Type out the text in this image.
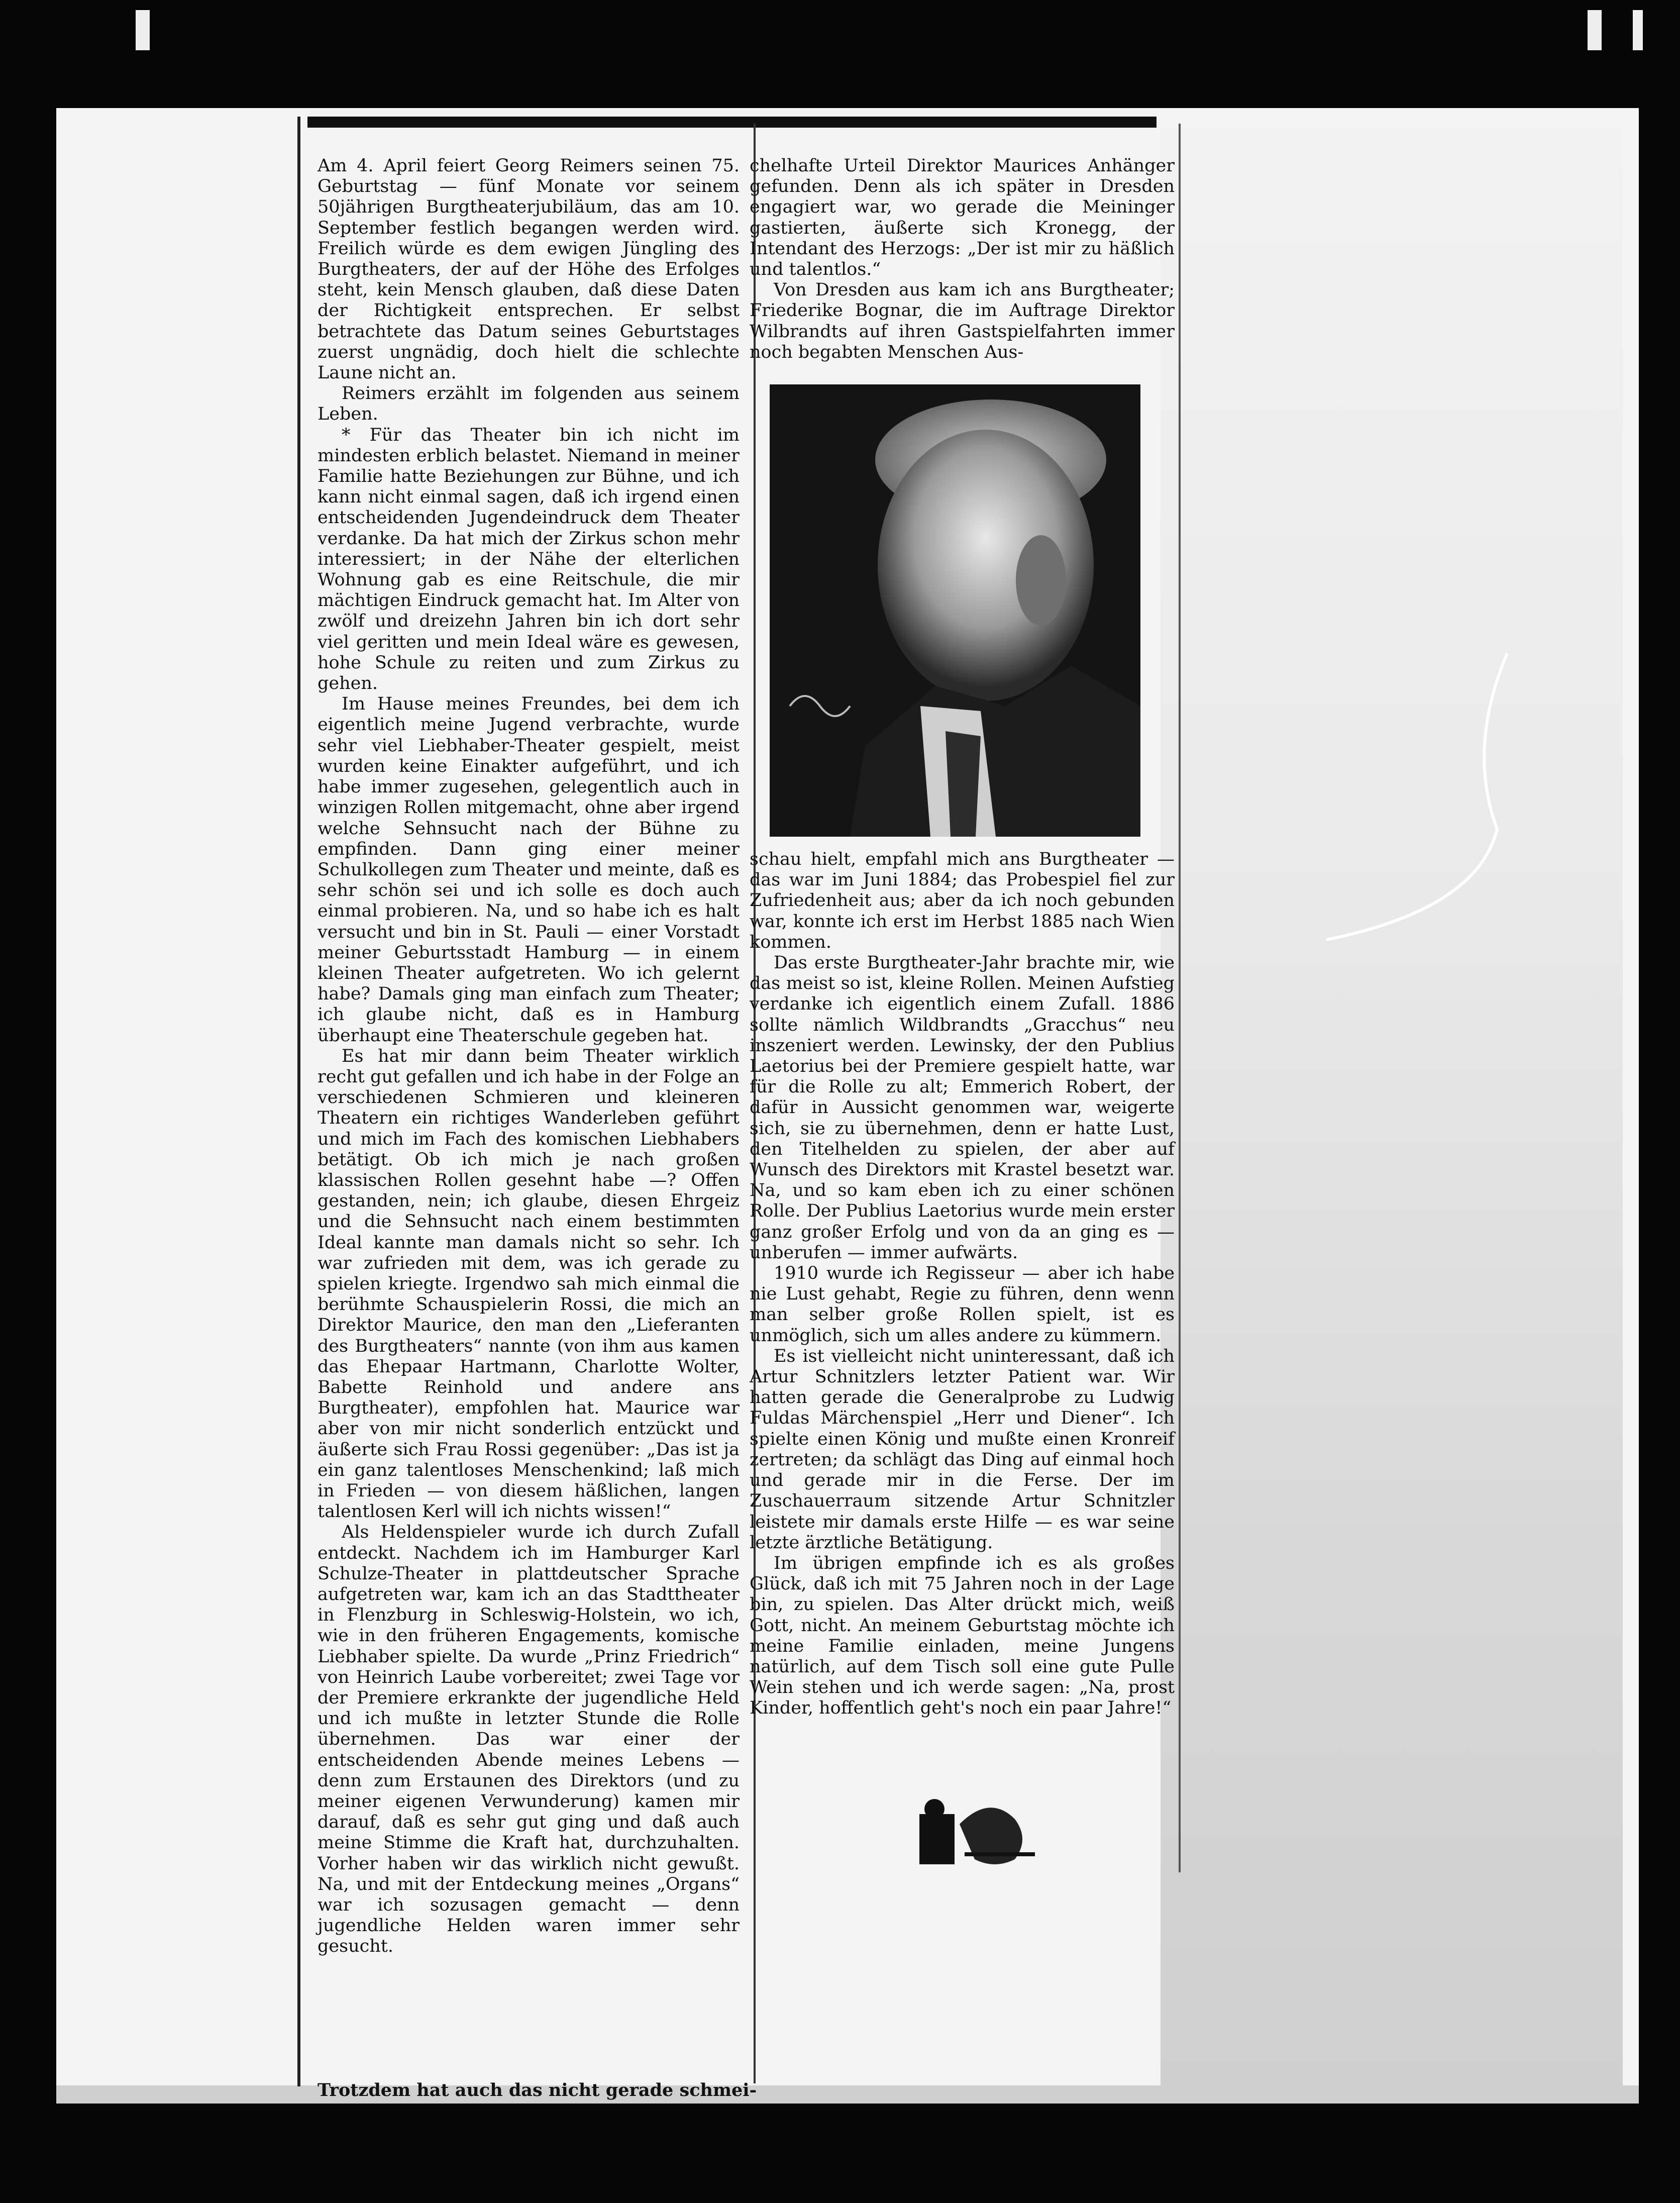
Am 4. April feiert Georg Reimers seinen 75. Geburtstag — fünf Monate vor seinem 50jährigen Burgtheaterjubiläum, das am 10. September festlich begangen werden wird. Freilich würde es dem ewigen Jüngling des Burgtheaters, der auf der Höhe des Erfolges steht, kein Mensch glauben, daß diese Daten der Richtigkeit entsprechen. Er selbst betrachtete das Datum seines Geburtstages zuerst ungnädig, doch hielt die schlechte Laune nicht an.

Reimers erzählt im folgenden aus seinem Leben.

* Für das Theater bin ich nicht im mindesten erblich belastet. Niemand in meiner Familie hatte Beziehungen zur Bühne, und ich kann nicht einmal sagen, daß ich irgend einen entscheidenden Jugendeindruck dem Theater verdanke. Da hat mich der Zirkus schon mehr interessiert; in der Nähe der elterlichen Wohnung gab es eine Reitschule, die mir mächtigen Eindruck gemacht hat. Im Alter von zwölf und dreizehn Jahren bin ich dort sehr viel geritten und mein Ideal wäre es gewesen, hohe Schule zu reiten und zum Zirkus zu gehen.

Im Hause meines Freundes, bei dem ich eigentlich meine Jugend verbrachte, wurde sehr viel Liebhaber-Theater gespielt, meist wurden keine Einakter aufgeführt, und ich habe immer zugesehen, gelegentlich auch in winzigen Rollen mitgemacht, ohne aber irgend welche Sehnsucht nach der Bühne zu empfinden. Dann ging einer meiner Schulkollegen zum Theater und meinte, daß es sehr schön sei und ich solle es doch auch einmal probieren. Na, und so habe ich es halt versucht und bin in St. Pauli — einer Vorstadt meiner Geburtsstadt Hamburg — in einem kleinen Theater aufgetreten. Wo ich gelernt habe? Damals ging man einfach zum Theater; ich glaube nicht, daß es in Hamburg überhaupt eine Theaterschule gegeben hat.

Es hat mir dann beim Theater wirklich recht gut gefallen und ich habe in der Folge an verschiedenen Schmieren und kleineren Theatern ein richtiges Wanderleben geführt und mich im Fach des komischen Liebhabers betätigt. Ob ich mich je nach großen klassischen Rollen gesehnt habe —? Offen gestanden, nein; ich glaube, diesen Ehrgeiz und die Sehnsucht nach einem bestimmten Ideal kannte man damals nicht so sehr. Ich war zufrieden mit dem, was ich gerade zu spielen kriegte. Irgendwo sah mich einmal die berühmte Schauspielerin Rossi, die mich an Direktor Maurice, den man den „Lieferanten des Burgtheaters“ nannte (von ihm aus kamen das Ehepaar Hartmann, Charlotte Wolter, Babette Reinhold und andere ans Burgtheater), empfohlen hat. Maurice war aber von mir nicht sonderlich entzückt und äußerte sich Frau Rossi gegenüber: „Das ist ja ein ganz talentloses Menschenkind; laß mich in Frieden — von diesem häßlichen, langen talentlosen Kerl will ich nichts wissen!“

Als Heldenspieler wurde ich durch Zufall entdeckt. Nachdem ich im Hamburger Karl Schulze-Theater in plattdeutscher Sprache aufgetreten war, kam ich an das Stadttheater in Flenzburg in Schleswig-Holstein, wo ich, wie in den früheren Engagements, komische Liebhaber spielte. Da wurde „Prinz Friedrich“ von Heinrich Laube vorbereitet; zwei Tage vor der Premiere erkrankte der jugendliche Held und ich mußte in letzter Stunde die Rolle übernehmen. Das war einer der entscheidenden Abende meines Lebens — denn zum Erstaunen des Direktors (und zu meiner eigenen Verwunderung) kamen mir darauf, daß es sehr gut ging und daß auch meine Stimme die Kraft hat, durchzuhalten. Vorher haben wir das wirklich nicht gewußt. Na, und mit der Entdeckung meines „Organs“ war ich sozusagen gemacht — denn jugendliche Helden waren immer sehr gesucht.

Trotzdem hat auch das nicht gerade schmei-

chelhafte Urteil Direktor Maurices Anhänger gefunden. Denn als ich später in Dresden engagiert war, wo gerade die Meininger gastierten, äußerte sich Kronegg, der Intendant des Herzogs: „Der ist mir zu häßlich und talentlos.“

Von Dresden aus kam ich ans Burgtheater; Friederike Bognar, die im Auftrage Direktor Wilbrandts auf ihren Gastspielfahrten immer noch begabten Menschen Aus-

schau hielt, empfahl mich ans Burgtheater — das war im Juni 1884; das Probespiel fiel zur Zufriedenheit aus; aber da ich noch gebunden war, konnte ich erst im Herbst 1885 nach Wien kommen.

Das erste Burgtheater-Jahr brachte mir, wie das meist so ist, kleine Rollen. Meinen Aufstieg verdanke ich eigentlich einem Zufall. 1886 sollte nämlich Wildbrandts „Gracchus“ neu inszeniert werden. Lewinsky, der den Publius Laetorius bei der Premiere gespielt hatte, war für die Rolle zu alt; Emmerich Robert, der dafür in Aussicht genommen war, weigerte sich, sie zu übernehmen, denn er hatte Lust, den Titelhelden zu spielen, der aber auf Wunsch des Direktors mit Krastel besetzt war. Na, und so kam eben ich zu einer schönen Rolle. Der Publius Laetorius wurde mein erster ganz großer Erfolg und von da an ging es — unberufen — immer aufwärts.

1910 wurde ich Regisseur — aber ich habe nie Lust gehabt, Regie zu führen, denn wenn man selber große Rollen spielt, ist es unmöglich, sich um alles andere zu kümmern.

Es ist vielleicht nicht uninteressant, daß ich Artur Schnitzlers letzter Patient war. Wir hatten gerade die Generalprobe zu Ludwig Fuldas Märchenspiel „Herr und Diener“. Ich spielte einen König und mußte einen Kronreif zertreten; da schlägt das Ding auf einmal hoch und gerade mir in die Ferse. Der im Zuschauerraum sitzende Artur Schnitzler leistete mir damals erste Hilfe — es war seine letzte ärztliche Betätigung.

Im übrigen empfinde ich es als großes Glück, daß ich mit 75 Jahren noch in der Lage bin, zu spielen. Das Alter drückt mich, weiß Gott, nicht. An meinem Geburtstag möchte ich meine Familie einladen, meine Jungens natürlich, auf dem Tisch soll eine gute Pulle Wein stehen und ich werde sagen: „Na, prost Kinder, hoffentlich geht's noch ein paar Jahre!“
